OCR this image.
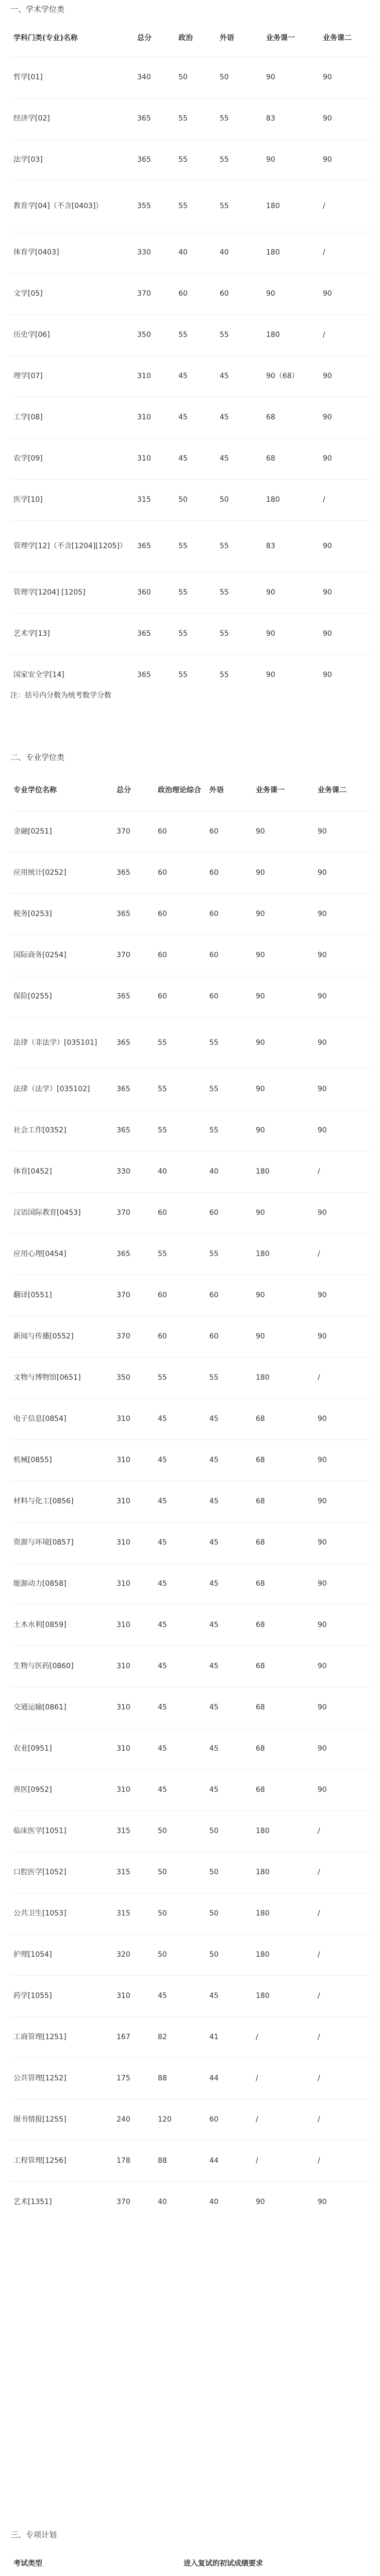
一、学术学位类
学科门类(专业)名称	总分	政治	外语	业务课一	业务课二
哲学[01]	340	50	50	90	90
经济学[02]	365	55	55	83	90
法学[03]	365	55	55	90	90
教育学[04]（不含[0403]）	355	55	55	180	/
体育学[0403]	330	40	40	180	/
文学[05]	370	60	60	90	90
历史学[06]	350	55	55	180	/
理学[07]	310	45	45	90（68）	90
工学[08]	310	45	45	68	90
农学[09]	310	45	45	68	90
医学[10]	315	50	50	180	/
管理学[12]（不含[1204][1205]）	365	55	55	83	90
管理学[1204] [1205]	360	55	55	90	90
艺术学[13]	365	55	55	90	90
国家安全学[14]	365	55	55	90	90
注：括号内分数为统考数学分数
二、专业学位类
专业学位名称	总分	政治理论综合	外语	业务课一	业务课二
金融[0251]	370	60	60	90	90
应用统计[0252]	365	60	60	90	90
税务[0253]	365	60	60	90	90
国际商务[0254]	370	60	60	90	90
保险[0255]	365	60	60	90	90
法律（非法学）[035101]	365	55	55	90	90
法律（法学）[035102]	365	55	55	90	90
社会工作[0352]	365	55	55	90	90
体育[0452]	330	40	40	180	/
汉语国际教育[0453]	370	60	60	90	90
应用心理[0454]	365	55	55	180	/
翻译[0551]	370	60	60	90	90
新闻与传播[0552]	370	60	60	90	90
文物与博物馆[0651]	350	55	55	180	/
电子信息[0854]	310	45	45	68	90
机械[0855]	310	45	45	68	90
材料与化工[0856]	310	45	45	68	90
资源与环境[0857]	310	45	45	68	90
能源动力[0858]	310	45	45	68	90
土木水利[0859]	310	45	45	68	90
生物与医药[0860]	310	45	45	68	90
交通运输[0861]	310	45	45	68	90
农业[0951]	310	45	45	68	90
兽医[0952]	310	45	45	68	90
临床医学[1051]	315	50	50	180	/
口腔医学[1052]	315	50	50	180	/
公共卫生[1053]	315	50	50	180	/
护理[1054]	320	50	50	180	/
药学[1055]	310	45	45	180	/
工商管理[1251]	167	82	41	/	/
公共管理[1252]	175	88	44	/	/
图书情报[1255]	240	120	60	/	/
工程管理[1256]	178	88	44	/	/
艺术[1351]	370	40	40	90	90
三、专项计划
考试类型		进入复试的初试成绩要求
